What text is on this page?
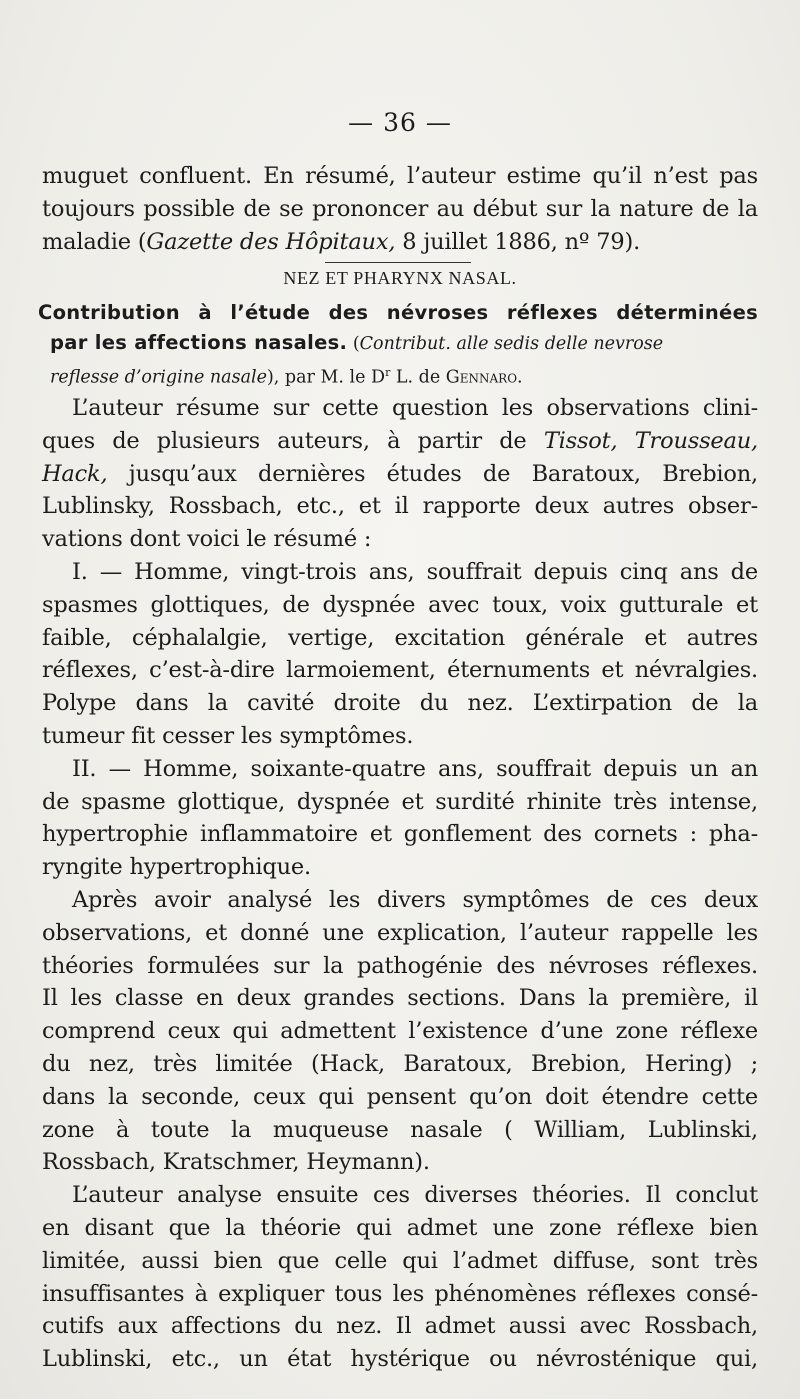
— 36 —
muguet confluent. En résumé, l’auteur estime qu’il n’est pas
toujours possible de se prononcer au début sur la nature de la
maladie (Gazette des Hôpitaux, 8 juillet 1886, nº 79).
NEZ ET PHARYNX NASAL.
Contribution à l’étude des névroses réflexes déterminées
par les affections nasales. (Contribut. alle sedis delle nevrose
reflesse d’origine nasale), par M. le $D^r$ L. de Gennaro.
L’auteur résume sur cette question les observations clini-
ques de plusieurs auteurs, à partir de Tissot, Trousseau,
Hack, jusqu’aux dernières études de Baratoux, Brebion,
Lublinsky, Rossbach, etc., et il rapporte deux autres obser-
vations dont voici le résumé :
I. — Homme, vingt-trois ans, souffrait depuis cinq ans de
spasmes glottiques, de dyspnée avec toux, voix gutturale et
faible, céphalalgie, vertige, excitation générale et autres
réflexes, c’est-à-dire larmoiement, éternuments et névralgies.
Polype dans la cavité droite du nez. L’extirpation de la
tumeur fit cesser les symptômes.
II. — Homme, soixante-quatre ans, souffrait depuis un an
de spasme glottique, dyspnée et surdité rhinite très intense,
hypertrophie inflammatoire et gonflement des cornets : pha-
ryngite hypertrophique.
Après avoir analysé les divers symptômes de ces deux
observations, et donné une explication, l’auteur rappelle les
théories formulées sur la pathogénie des névroses réflexes.
Il les classe en deux grandes sections. Dans la première, il
comprend ceux qui admettent l’existence d’une zone réflexe
du nez, très limitée (Hack, Baratoux, Brebion, Hering) ;
dans la seconde, ceux qui pensent qu’on doit étendre cette
zone à toute la muqueuse nasale ( William, Lublinski,
Rossbach, Kratschmer, Heymann).
L’auteur analyse ensuite ces diverses théories. Il conclut
en disant que la théorie qui admet une zone réflexe bien
limitée, aussi bien que celle qui l’admet diffuse, sont très
insuffisantes à expliquer tous les phénomènes réflexes consé-
cutifs aux affections du nez. Il admet aussi avec Rossbach,
Lublinski, etc., un état hystérique ou névrosténique qui,
